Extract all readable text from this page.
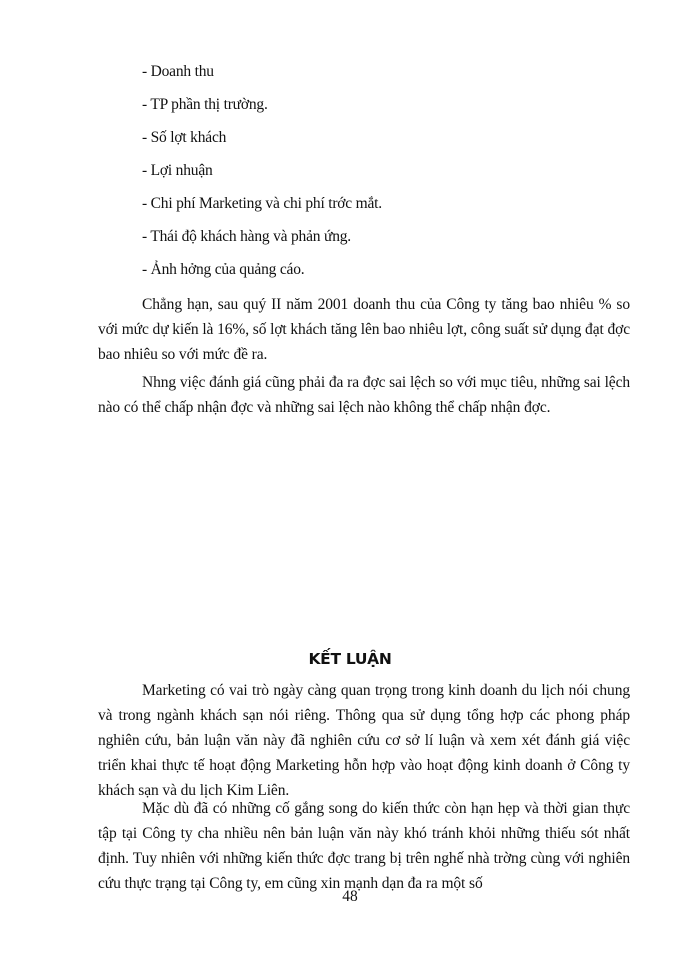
- Doanh thu
- TP phần thị trường.
- Số lợt khách
- Lợi nhuận
- Chi phí Marketing và chi phí trớc mắt.
- Thái độ khách hàng và phản ứng.
- Ảnh hởng của quảng cáo.

Chẳng hạn, sau quý II năm 2001 doanh thu của Công ty tăng bao nhiêu % so với mức dự kiến là 16%, số lợt khách tăng lên bao nhiêu lợt, công suất sử dụng đạt đợc bao nhiêu so với mức đề ra.

Nhng việc đánh giá cũng phải đa ra đợc sai lệch so với mục tiêu, những sai lệch nào có thể chấp nhận đợc và những sai lệch nào không thể chấp nhận đợc.

KẾT LUẬN

Marketing có vai trò ngày càng quan trọng trong kinh doanh du lịch nói chung và trong ngành khách sạn nói riêng. Thông qua sử dụng tổng hợp các phong pháp nghiên cứu, bản luận văn này đã nghiên cứu cơ sở lí luận và xem xét đánh giá việc triển khai thực tế hoạt động Marketing hỗn hợp vào hoạt động kinh doanh ở Công ty khách sạn và du lịch Kim Liên.

Mặc dù đã có những cố gắng song do kiến thức còn hạn hẹp và thời gian thực tập tại Công ty cha nhiều nên bản luận văn này khó tránh khỏi những thiếu sót nhất định. Tuy nhiên với những kiến thức đợc trang bị trên nghế nhà trờng cùng với nghiên cứu thực trạng tại Công ty, em cũng xin mạnh dạn đa ra một số

48
